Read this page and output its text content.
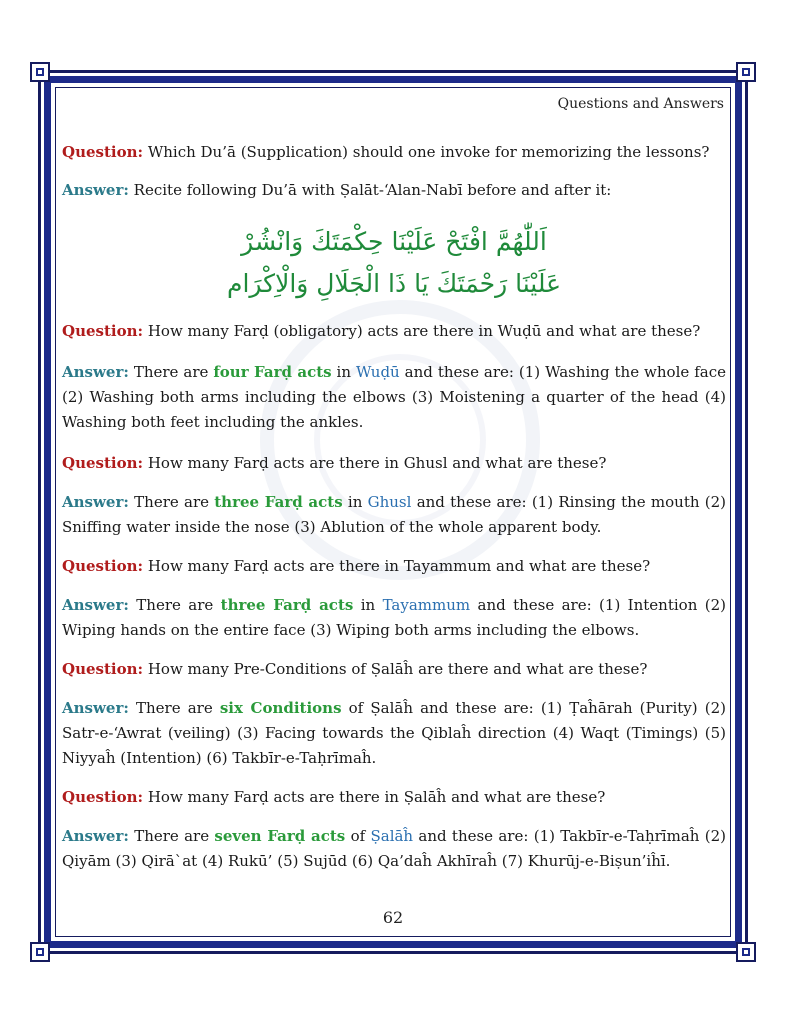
Questions and Answers

Question: Which Du’ā (Supplication) should one invoke for memorizing the lessons?

Answer: Recite following Du’ā with Ṣalāt-‘Alan-Nabī before and after it:

اَللّٰهُمَّ افْتَحْ عَلَيْنَا حِكْمَتَكَ وَانْشُرْ
عَلَيْنَا رَحْمَتَكَ يَا ذَا الْجَلَالِ وَالْاِكْرَام

Question: How many Farḍ (obligatory) acts are there in Wuḍū and what are these?

Answer: There are four Farḍ acts in Wuḍū and these are: (1) Washing the whole face (2) Washing both arms including the elbows (3) Moistening a quarter of the head (4) Washing both feet including the ankles.

Question: How many Farḍ acts are there in Ghusl and what are these?

Answer: There are three Farḍ acts in Ghusl and these are: (1) Rinsing the mouth (2) Sniffing water inside the nose (3) Ablution of the whole apparent body.

Question: How many Farḍ acts are there in Tayammum and what are these?

Answer: There are three Farḍ acts in Tayammum and these are: (1) Intention (2) Wiping hands on the entire face (3) Wiping both arms including the elbows.

Question: How many Pre-Conditions of Ṣalāĥ are there and what are these?

Answer: There are six Conditions of Ṣalāĥ and these are: (1) Ṭaĥārah (Purity) (2) Satr-e-‘Awrat (veiling) (3) Facing towards the Qiblaĥ direction (4) Waqt (Timings) (5) Niyyaĥ (Intention) (6) Takbīr-e-Taḥrīmaĥ.

Question: How many Farḍ acts are there in Ṣalāĥ and what are these?

Answer: There are seven Farḍ acts of Ṣalāĥ and these are: (1) Takbīr-e-Taḥrīmaĥ (2) Qiyām (3) Qirā`at (4) Rukū’ (5) Sujūd (6) Qa’daĥ Akhīraĥ (7) Khurūj-e-Biṣun’iĥī.

62
